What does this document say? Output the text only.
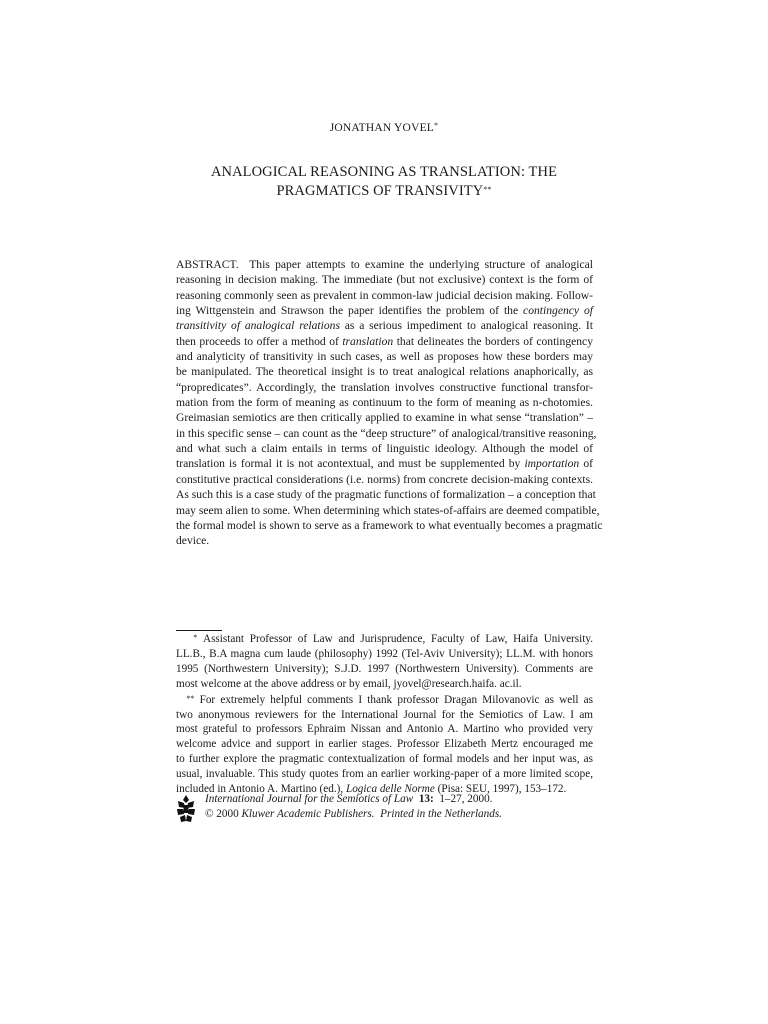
JONATHAN YOVEL*
ANALOGICAL REASONING AS TRANSLATION: THE
PRAGMATICS OF TRANSIVITY**
ABSTRACT. This paper attempts to examine the underlying structure of analogical
reasoning in decision making. The immediate (but not exclusive) context is the form of
reasoning commonly seen as prevalent in common-law judicial decision making. Follow-
ing Wittgenstein and Strawson the paper identifies the problem of the contingency of
transitivity of analogical relations as a serious impediment to analogical reasoning. It
then proceeds to offer a method of translation that delineates the borders of contingency
and analyticity of transitivity in such cases, as well as proposes how these borders may
be manipulated. The theoretical insight is to treat analogical relations anaphorically, as
“propredicates”. Accordingly, the translation involves constructive functional transfor-
mation from the form of meaning as continuum to the form of meaning as n-chotomies.
Greimasian semiotics are then critically applied to examine in what sense “translation” –
in this specific sense – can count as the “deep structure” of analogical/transitive reasoning,
and what such a claim entails in terms of linguistic ideology. Although the model of
translation is formal it is not acontextual, and must be supplemented by importation of
constitutive practical considerations (i.e. norms) from concrete decision-making contexts.
As such this is a case study of the pragmatic functions of formalization – a conception that
may seem alien to some. When determining which states-of-affairs are deemed compatible,
the formal model is shown to serve as a framework to what eventually becomes a pragmatic
device.
* Assistant Professor of Law and Jurisprudence, Faculty of Law, Haifa University.
LL.B., B.A magna cum laude (philosophy) 1992 (Tel-Aviv University); LL.M. with honors
1995 (Northwestern University); S.J.D. 1997 (Northwestern University). Comments are
most welcome at the above address or by email, jyovel@research.haifa. ac.il.
** For extremely helpful comments I thank professor Dragan Milovanovic as well as
two anonymous reviewers for the International Journal for the Semiotics of Law. I am
most grateful to professors Ephraim Nissan and Antonio A. Martino who provided very
welcome advice and support in earlier stages. Professor Elizabeth Mertz encouraged me
to further explore the pragmatic contextualization of formal models and her input was, as
usual, invaluable. This study quotes from an earlier working-paper of a more limited scope,
included in Antonio A. Martino (ed.), Logica delle Norme (Pisa: SEU, 1997), 153–172.
International Journal for the Semiotics of Law 13: 1–27, 2000.
© 2000 Kluwer Academic Publishers. Printed in the Netherlands.
